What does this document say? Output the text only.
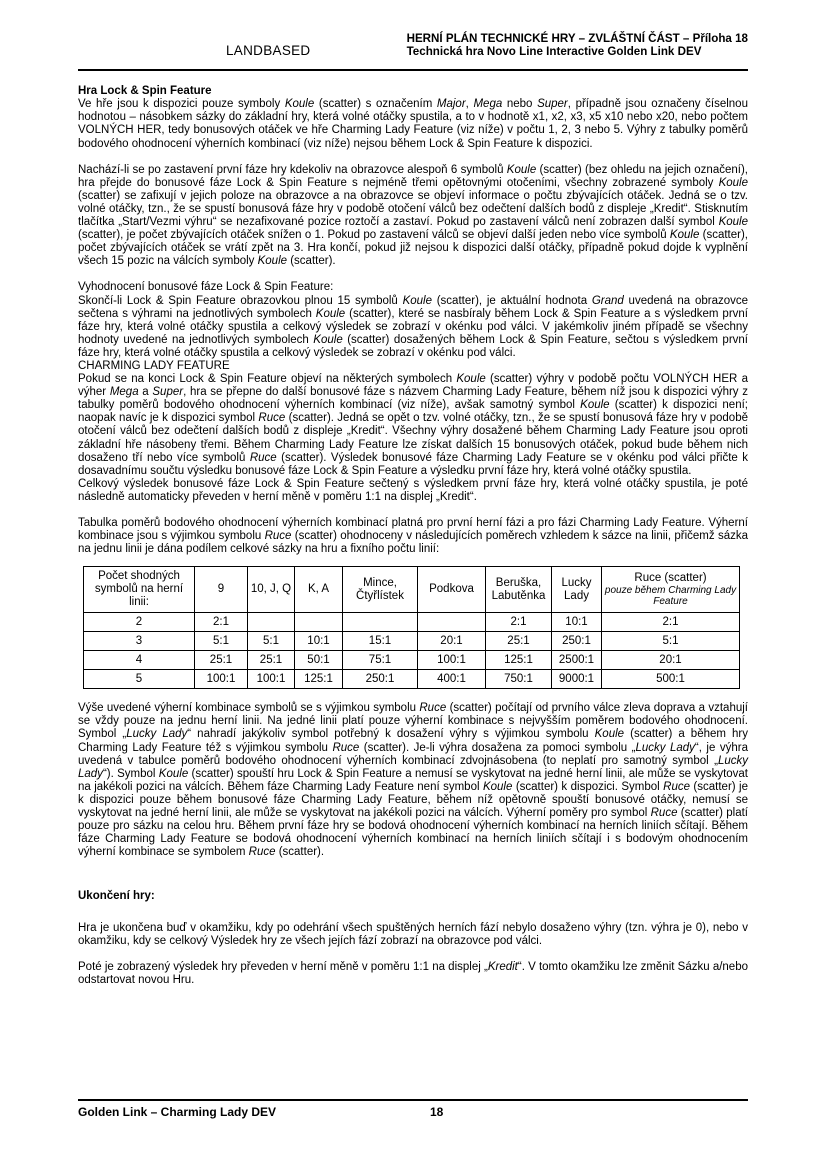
LANDBASED
HERNÍ PLÁN TECHNICKÉ HRY – ZVLÁŠTNÍ ČÁST – Příloha 18
Technická hra Novo Line Interactive Golden Link DEV
Hra Lock & Spin Feature

Ve hře jsou k dispozici pouze symboly Koule (scatter) s označením Major, Mega nebo Super, případně jsou označeny číselnou hodnotou – násobkem sázky do základní hry, která volné otáčky spustila, a to v hodnotě x1, x2, x3, x5 x10 nebo x20, nebo počtem VOLNÝCH HER, tedy bonusových otáček ve hře Charming Lady Feature (viz níže) v počtu 1, 2, 3 nebo 5. Výhry z tabulky poměrů bodového ohodnocení výherních kombinací (viz níže) nejsou během Lock & Spin Feature k dispozici.

Nachází-li se po zastavení první fáze hry kdekoliv na obrazovce alespoň 6 symbolů Koule (scatter) (bez ohledu na jejich označení), hra přejde do bonusové fáze Lock & Spin Feature s nejméně třemi opětovnými otočeními, všechny zobrazené symboly Koule (scatter) se zafixují v jejich poloze na obrazovce a na obrazovce se objeví informace o počtu zbývajících otáček. Jedná se o tzv. volné otáčky, tzn., že se spustí bonusová fáze hry v podobě otočení válců bez odečtení dalších bodů z displeje „Kredit“. Stisknutím tlačítka „Start/Vezmi výhru“ se nezafixované pozice roztočí a zastaví. Pokud po zastavení válců není zobrazen další symbol Koule (scatter), je počet zbývajících otáček snížen o 1. Pokud po zastavení válců se objeví další jeden nebo více symbolů Koule (scatter), počet zbývajících otáček se vrátí zpět na 3. Hra končí, pokud již nejsou k dispozici další otáčky, případně pokud dojde k vyplnění všech 15 pozic na válcích symboly Koule (scatter).

Vyhodnocení bonusové fáze Lock & Spin Feature:

Skončí-li Lock & Spin Feature obrazovkou plnou 15 symbolů Koule (scatter), je aktuální hodnota Grand uvedená na obrazovce sečtena s výhrami na jednotlivých symbolech Koule (scatter), které se nasbíraly během Lock & Spin Feature a s výsledkem první fáze hry, která volné otáčky spustila a celkový výsledek se zobrazí v okénku pod válci. V jakémkoliv jiném případě se všechny hodnoty uvedené na jednotlivých symbolech Koule (scatter) dosažených během Lock & Spin Feature, sečtou s výsledkem první fáze hry, která volné otáčky spustila a celkový výsledek se zobrazí v okénku pod válci.

CHARMING LADY FEATURE

Pokud se na konci Lock & Spin Feature objeví na některých symbolech Koule (scatter) výhry v podobě počtu VOLNÝCH HER a výher Mega a Super, hra se přepne do další bonusové fáze s názvem Charming Lady Feature, během níž jsou k dispozici výhry z tabulky poměrů bodového ohodnocení výherních kombinací (viz níže), avšak samotný symbol Koule (scatter) k dispozici není; naopak navíc je k dispozici symbol Ruce (scatter). Jedná se opět o tzv. volné otáčky, tzn., že se spustí bonusová fáze hry v podobě otočení válců bez odečtení dalších bodů z displeje „Kredit“. Všechny výhry dosažené během Charming Lady Feature jsou oproti základní hře násobeny třemi. Během Charming Lady Feature lze získat dalších 15 bonusových otáček, pokud bude během nich dosaženo tří nebo více symbolů Ruce (scatter). Výsledek bonusové fáze Charming Lady Feature se v okénku pod válci přičte k dosavadnímu součtu výsledku bonusové fáze Lock & Spin Feature a výsledku první fáze hry, která volné otáčky spustila.

Celkový výsledek bonusové fáze Lock & Spin Feature sečtený s výsledkem první fáze hry, která volné otáčky spustila, je poté následně automaticky převeden v herní měně v poměru 1:1 na displej „Kredit“.

Tabulka poměrů bodového ohodnocení výherních kombinací platná pro první herní fázi a pro fázi Charming Lady Feature. Výherní kombinace jsou s výjimkou symbolu Ruce (scatter) ohodnoceny v následujících poměrech vzhledem k sázce na linii, přičemž sázka na jednu linii je dána podílem celkové sázky na hru a fixního počtu linií:

Počet shodných symbolů na herní linii:	9	10, J, Q	K, A	Mince, Čtyřlístek	Podkova	Beruška, Labutěnka	Lucky Lady	Ruce (scatter)
pouze během Charming Lady Feature

2	2:1					2:1	10:1	2:1
3	5:1	5:1	10:1	15:1	20:1	25:1	250:1	5:1
4	25:1	25:1	50:1	75:1	100:1	125:1	2500:1	20:1
5	100:1	100:1	125:1	250:1	400:1	750:1	9000:1	500:1

Výše uvedené výherní kombinace symbolů se s výjimkou symbolu Ruce (scatter) počítají od prvního válce zleva doprava a vztahují se vždy pouze na jednu herní linii. Na jedné linii platí pouze výherní kombinace s nejvyšším poměrem bodového ohodnocení. Symbol „Lucky Lady“ nahradí jakýkoliv symbol potřebný k dosažení výhry s výjimkou symbolu Koule (scatter) a během hry Charming Lady Feature též s výjimkou symbolu Ruce (scatter). Je-li výhra dosažena za pomoci symbolu „Lucky Lady“, je výhra uvedená v tabulce poměrů bodového ohodnocení výherních kombinací zdvojnásobena (to neplatí pro samotný symbol „Lucky Lady“). Symbol Koule (scatter) spouští hru Lock & Spin Feature a nemusí se vyskytovat na jedné herní linii, ale může se vyskytovat na jakékoli pozici na válcích. Během fáze Charming Lady Feature není symbol Koule (scatter) k dispozici. Symbol Ruce (scatter) je k dispozici pouze během bonusové fáze Charming Lady Feature, během níž opětovně spouští bonusové otáčky, nemusí se vyskytovat na jedné herní linii, ale může se vyskytovat na jakékoli pozici na válcích. Výherní poměry pro symbol Ruce (scatter) platí pouze pro sázku na celou hru. Během první fáze hry se bodová ohodnocení výherních kombinací na herních liniích sčítají. Během fáze Charming Lady Feature se bodová ohodnocení výherních kombinací na herních liniích sčítají i s bodovým ohodnocením výherní kombinace se symbolem Ruce (scatter).

Ukončení hry:

Hra je ukončena buď v okamžiku, kdy po odehrání všech spuštěných herních fází nebylo dosaženo výhry (tzn. výhra je 0), nebo v okamžiku, kdy se celkový Výsledek hry ze všech jejích fází zobrazí na obrazovce pod válci.

Poté je zobrazený výsledek hry převeden v herní měně v poměru 1:1 na displej „Kredit“. V tomto okamžiku lze změnit Sázku a/nebo odstartovat novou Hru.

Golden Link – Charming Lady DEV	18
